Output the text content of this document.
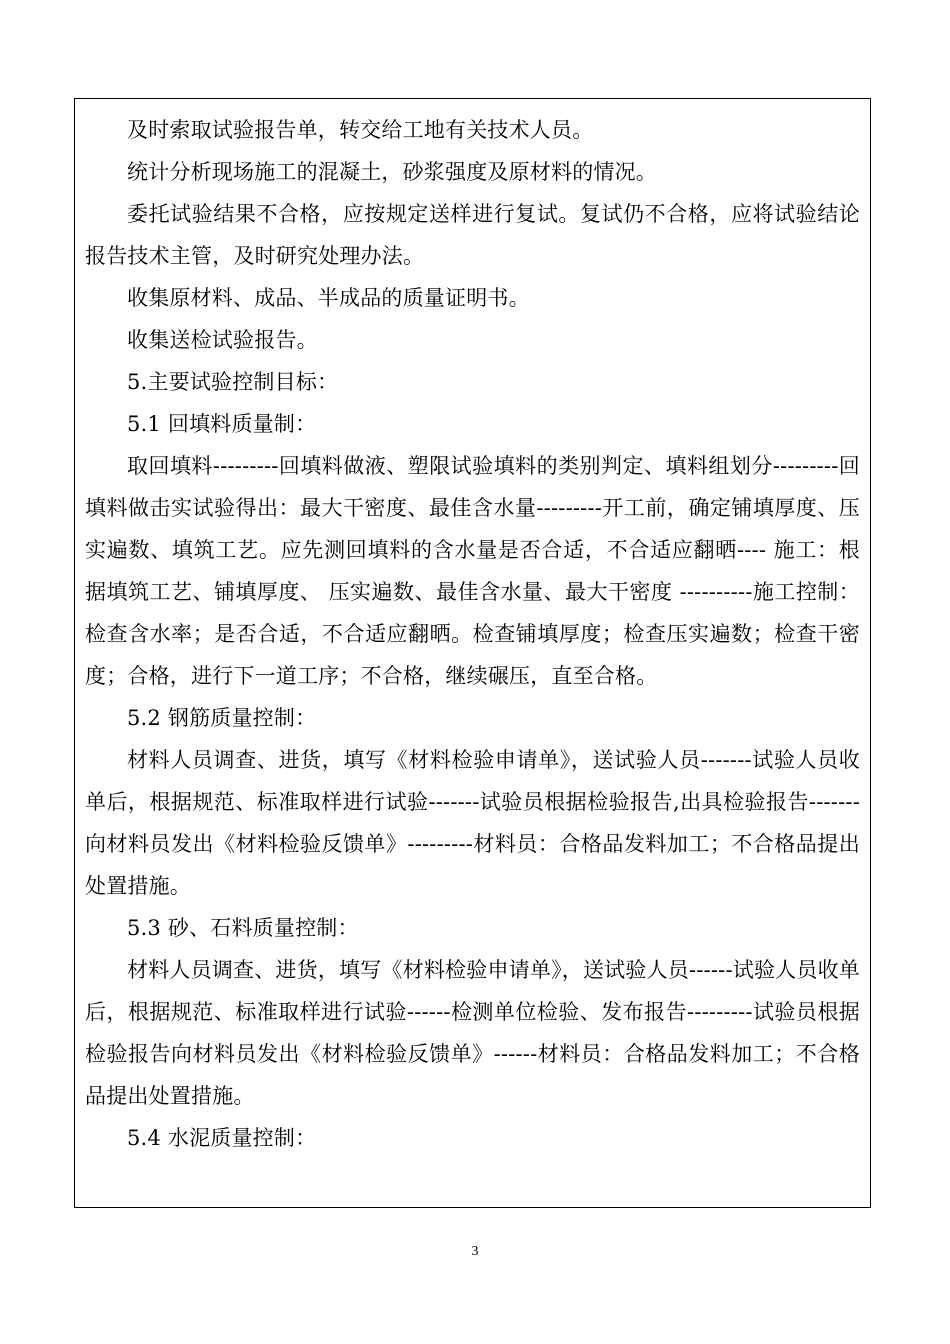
及时索取试验报告单，转交给工地有关技术人员。

统计分析现场施工的混凝土，砂浆强度及原材料的情况。

委托试验结果不合格，应按规定送样进行复试。复试仍不合格，应将试验结论报告技术主管，及时研究处理办法。

收集原材料、成品、半成品的质量证明书。

收集送检试验报告。

5.主要试验控制目标：

5.1 回填料质量制：

取回填料---------回填料做液、塑限试验填料的类别判定、填料组划分---------回填料做击实试验得出：最大干密度、最佳含水量---------开工前，确定铺填厚度、压实遍数、填筑工艺。应先测回填料的含水量是否合适，不合适应翻晒---- 施工：根据填筑工艺、铺填厚度、 压实遍数、最佳含水量、最大干密度 ----------施工控制： 检查含水率；是否合适，不合适应翻晒。检查铺填厚度；检查压实遍数；检查干密度；合格，进行下一道工序；不合格，继续碾压，直至合格。

5.2 钢筋质量控制：

材料人员调查、进货，填写《材料检验申请单》，送试验人员-------试验人员收单后，根据规范、标准取样进行试验-------试验员根据检验报告,出具检验报告-------向材料员发出《材料检验反馈单》---------材料员：合格品发料加工；不合格品提出处置措施。

5.3 砂、石料质量控制：

材料人员调查、进货，填写《材料检验申请单》，送试验人员------试验人员收单后，根据规范、标准取样进行试验------检测单位检验、发布报告---------试验员根据检验报告向材料员发出《材料检验反馈单》------材料员：合格品发料加工；不合格品提出处置措施。

5.4 水泥质量控制：

3
